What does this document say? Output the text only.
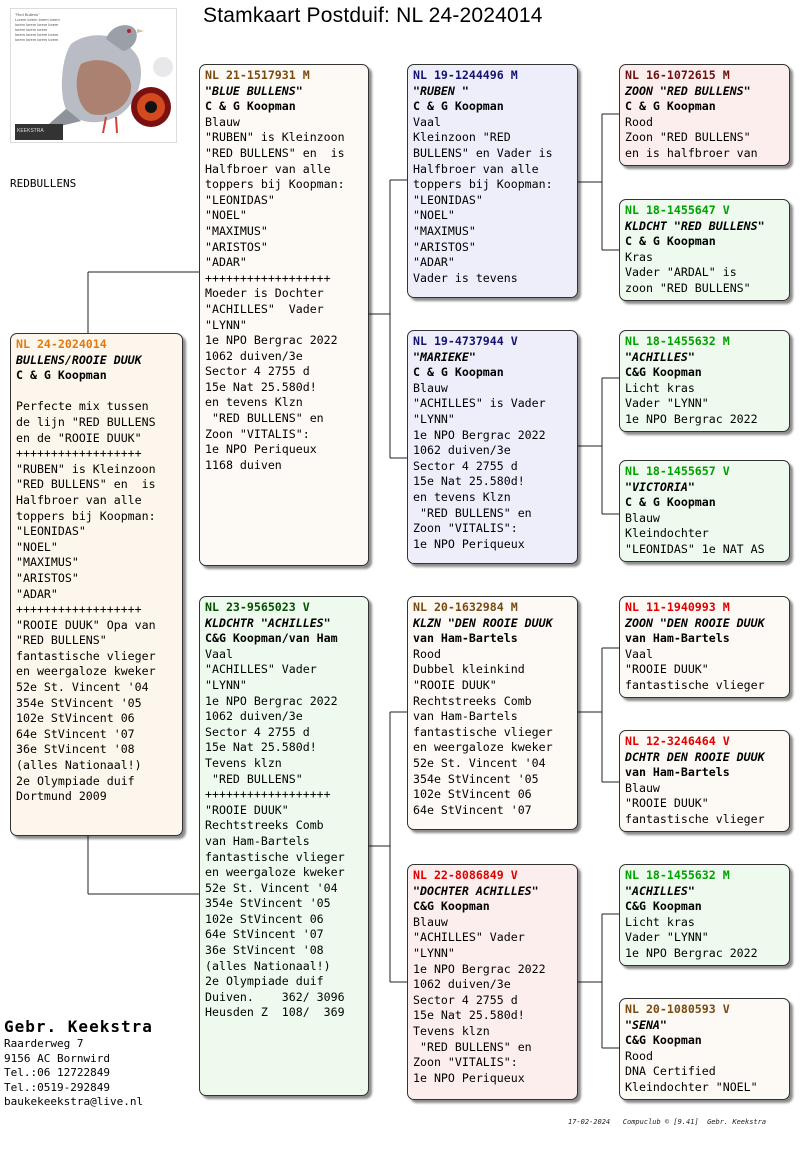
Stamkaart Postduif: NL 24-2024014
"Red Bullens"
Lorem lorem lorem lorem
lorem lorem lorem lorem
lorem lorem lorem
lorem lorem lorem lorem
lorem lorem lorem lorem
KEEKSTRA
REDBULLENS
NL 24-2024014
BULLENS/ROOIE DUUK
C & G Koopman

Perfecte mix tussen
de lijn "RED BULLENS
en de "ROOIE DUUK"
++++++++++++++++++
"RUBEN" is Kleinzoon
"RED BULLENS" en  is
Halfbroer van alle
toppers bij Koopman:
"LEONIDAS"
"NOEL"
"MAXIMUS"
"ARISTOS"
"ADAR"
++++++++++++++++++
"ROOIE DUUK" Opa van
"RED BULLENS"
fantastische vlieger
en weergaloze kweker
52e St. Vincent '04
354e StVincent '05
102e StVincent 06
64e StVincent '07
36e StVincent '08
(alles Nationaal!)
2e Olympiade duif
Dortmund 2009
NL 21-1517931 M
"BLUE BULLENS"
C & G Koopman
Blauw
"RUBEN" is Kleinzoon
"RED BULLENS" en  is
Halfbroer van alle
toppers bij Koopman:
"LEONIDAS"
"NOEL"
"MAXIMUS"
"ARISTOS"
"ADAR"
++++++++++++++++++
Moeder is Dochter
"ACHILLES"  Vader
"LYNN"
1e NPO Bergrac 2022
1062 duiven/3e
Sector 4 2755 d
15e Nat 25.580d!
en tevens Klzn
"RED BULLENS" en
Zoon "VITALIS":
1e NPO Periqueux
1168 duiven
NL 23-9565023 V
KLDCHTR "ACHILLES"
C&G Koopman/van Ham
Vaal
"ACHILLES" Vader
"LYNN"
1e NPO Bergrac 2022
1062 duiven/3e
Sector 4 2755 d
15e Nat 25.580d!
Tevens klzn
"RED BULLENS"
++++++++++++++++++
"ROOIE DUUK"
Rechtstreeks Comb
van Ham-Bartels
fantastische vlieger
en weergaloze kweker
52e St. Vincent '04
354e StVincent '05
102e StVincent 06
64e StVincent '07
36e StVincent '08
(alles Nationaal!)
2e Olympiade duif
Duiven.    362/ 3096
Heusden Z  108/  369
NL 19-1244496 M
"RUBEN "
C & G Koopman
Vaal
Kleinzoon "RED
BULLENS" en Vader is
Halfbroer van alle
toppers bij Koopman:
"LEONIDAS"
"NOEL"
"MAXIMUS"
"ARISTOS"
"ADAR"
Vader is tevens
NL 19-4737944 V
"MARIEKE"
C & G Koopman
Blauw
"ACHILLES" is Vader
"LYNN"
1e NPO Bergrac 2022
1062 duiven/3e
Sector 4 2755 d
15e Nat 25.580d!
en tevens Klzn
"RED BULLENS" en
Zoon "VITALIS":
1e NPO Periqueux
NL 20-1632984 M
KLZN "DEN ROOIE DUUK
van Ham-Bartels
Rood
Dubbel kleinkind
"ROOIE DUUK"
Rechtstreeks Comb
van Ham-Bartels
fantastische vlieger
en weergaloze kweker
52e St. Vincent '04
354e StVincent '05
102e StVincent 06
64e StVincent '07
NL 22-8086849 V
"DOCHTER ACHILLES"
C&G Koopman
Blauw
"ACHILLES" Vader
"LYNN"
1e NPO Bergrac 2022
1062 duiven/3e
Sector 4 2755 d
15e Nat 25.580d!
Tevens klzn
"RED BULLENS" en
Zoon "VITALIS":
1e NPO Periqueux
NL 16-1072615 M
ZOON "RED BULLENS"
C & G Koopman
Rood
Zoon "RED BULLENS"
en is halfbroer van
NL 18-1455647 V
KLDCHT "RED BULLENS"
C & G Koopman
Kras
Vader "ARDAL" is
zoon "RED BULLENS"
NL 18-1455632 M
"ACHILLES"
C&G Koopman
Licht kras
Vader "LYNN"
1e NPO Bergrac 2022
NL 18-1455657 V
"VICTORIA"
C & G Koopman
Blauw
Kleindochter
"LEONIDAS" 1e NAT AS
NL 11-1940993 M
ZOON "DEN ROOIE DUUK
van Ham-Bartels
Vaal
"ROOIE DUUK"
fantastische vlieger
NL 12-3246464 V
DCHTR DEN ROOIE DUUK
van Ham-Bartels
Blauw
"ROOIE DUUK"
fantastische vlieger
NL 18-1455632 M
"ACHILLES"
C&G Koopman
Licht kras
Vader "LYNN"
1e NPO Bergrac 2022
NL 20-1080593 V
"SENA"
C&G Koopman
Rood
DNA Certified
Kleindochter "NOEL"
Gebr. Keekstra
Raarderweg 7
9156 AC Bornwird
Tel.:06 12722849
Tel.:0519-292849
baukekeekstra@live.nl
17-02-2024   Compuclub © [9.41]  Gebr. Keekstra
